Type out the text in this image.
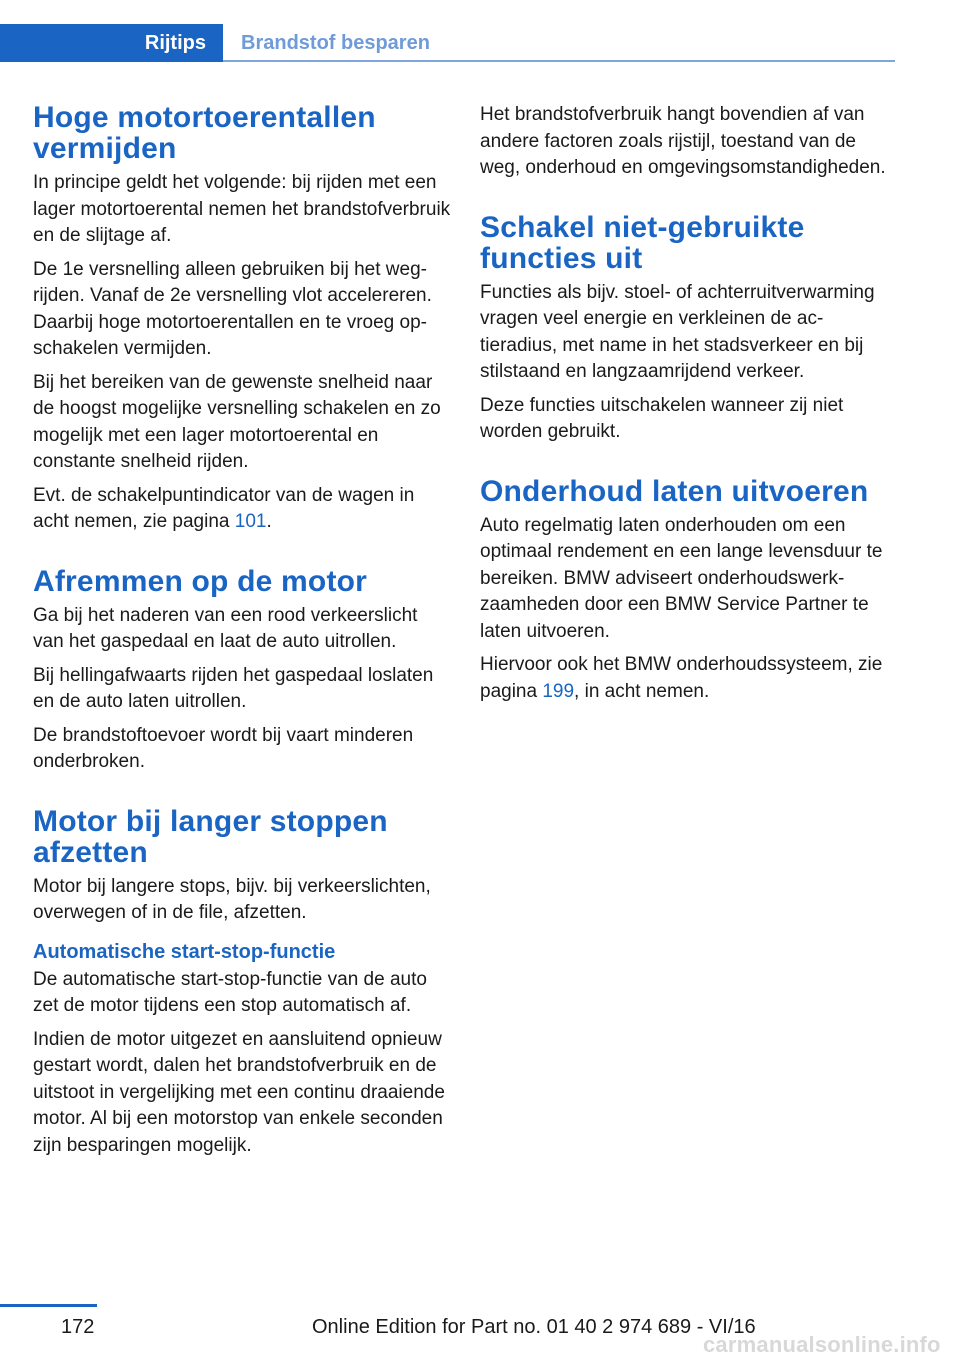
Rijtips Brandstof besparen
Hoge motortoerentallen vermijden

In principe geldt het volgende: bij rijden met een lager motortoerental nemen het brandstofverbruik en de slijtage af.

De 1e versnelling alleen gebruiken bij het wegrijden. Vanaf de 2e versnelling vlot accelereren. Daarbij hoge motortoerentallen en te vroeg opschakelen vermijden.

Bij het bereiken van de gewenste snelheid naar de hoogst mogelijke versnelling schakelen en zo mogelijk met een lager motortoerental en constante snelheid rijden.

Evt. de schakelpuntindicator van de wagen in acht nemen, zie pagina 101.

Afremmen op de motor

Ga bij het naderen van een rood verkeerslicht van het gaspedaal en laat de auto uitrollen.

Bij hellingafwaarts rijden het gaspedaal loslaten en de auto laten uitrollen.

De brandstoftoevoer wordt bij vaart minderen onderbroken.

Motor bij langer stoppen afzetten

Motor bij langere stops, bijv. bij verkeerslichten, overwegen of in de file, afzetten.

Automatische start-stop-functie

De automatische start-stop-functie van de auto zet de motor tijdens een stop automatisch af.

Indien de motor uitgezet en aansluitend opnieuw gestart wordt, dalen het brandstofverbruik en de uitstoot in vergelijking met een continu draaiende motor. Al bij een motorstop van enkele seconden zijn besparingen mogelijk.

Het brandstofverbruik hangt bovendien af van andere factoren zoals rijstijl, toestand van de weg, onderhoud en omgevingsomstandigheden.

Schakel niet-gebruikte functies uit

Functies als bijv. stoel- of achterruitverwarming vragen veel energie en verkleinen de actieradius, met name in het stadsverkeer en bij stilstaand en langzaamrijdend verkeer.

Deze functies uitschakelen wanneer zij niet worden gebruikt.

Onderhoud laten uitvoeren

Auto regelmatig laten onderhouden om een optimaal rendement en een lange levensduur te bereiken. BMW adviseert onderhoudswerkzaamheden door een BMW Service Partner te laten uitvoeren.

Hiervoor ook het BMW onderhoudssysteem, zie pagina 199, in acht nemen.

172	Online Edition for Part no. 01 40 2 974 689 - VI/16
carmanualsonline.info
